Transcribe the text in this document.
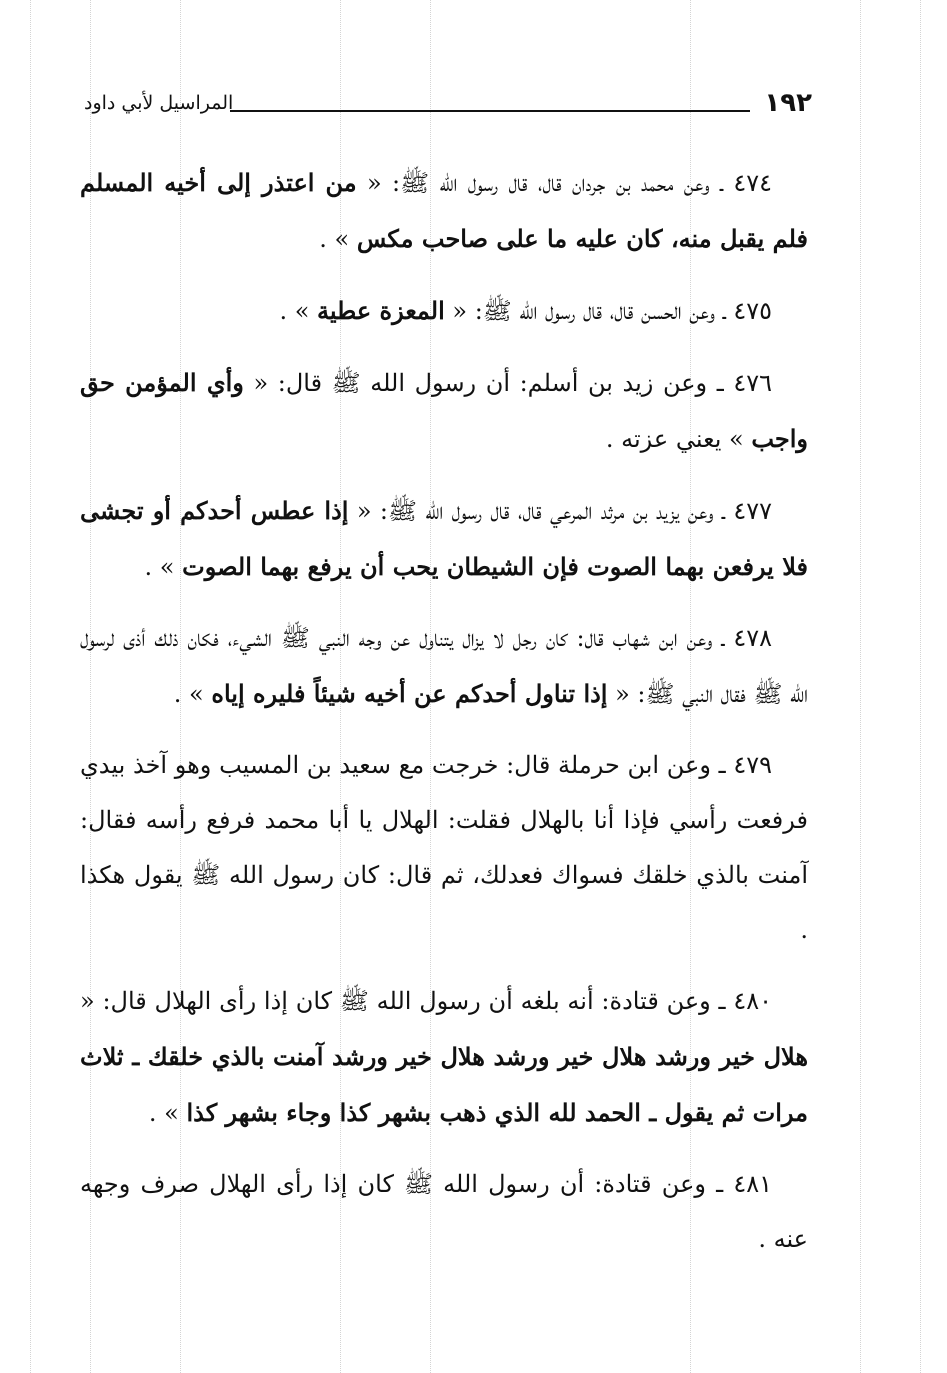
١٩٢
المراسيل لأبي داود

٤٧٤ ـ وعن محمد بن جردان قال، قال رسول الله ﷺ: « من اعتذر إلى أخيه المسلم فلم يقبل منه، كان عليه ما على صاحب مكس » .

٤٧٥ ـ وعن الحسن قال، قال رسول الله ﷺ: « المعزة عطية » .

٤٧٦ ـ وعن زيد بن أسلم: أن رسول الله ﷺ قال: « وأي المؤمن حق واجب » يعني عزته .

٤٧٧ ـ وعن يزيد بن مرثد المرعي قال، قال رسول الله ﷺ: « إذا عطس أحدكم أو تجشى فلا يرفعن بهما الصوت فإن الشيطان يحب أن يرفع بهما الصوت » .

٤٧٨ ـ وعن ابن شهاب قال: كان رجل لا يزال يتناول عن وجه النبي ﷺ الشيء، فكان ذلك أذى لرسول الله ﷺ فقال النبي ﷺ: « إذا تناول أحدكم عن أخيه شيئاً فليره إياه » .

٤٧٩ ـ وعن ابن حرملة قال: خرجت مع سعيد بن المسيب وهو آخذ بيدي فرفعت رأسي فإذا أنا بالهلال فقلت: الهلال يا أبا محمد فرفع رأسه فقال: آمنت بالذي خلقك فسواك فعدلك، ثم قال: كان رسول الله ﷺ يقول هكذا .

٤٨٠ ـ وعن قتادة: أنه بلغه أن رسول الله ﷺ كان إذا رأى الهلال قال: « هلال خير ورشد هلال خير ورشد هلال خير ورشد آمنت بالذي خلقك ـ ثلاث مرات ثم يقول ـ الحمد لله الذي ذهب بشهر كذا وجاء بشهر كذا » .

٤٨١ ـ وعن قتادة: أن رسول الله ﷺ كان إذا رأى الهلال صرف وجهه عنه .
